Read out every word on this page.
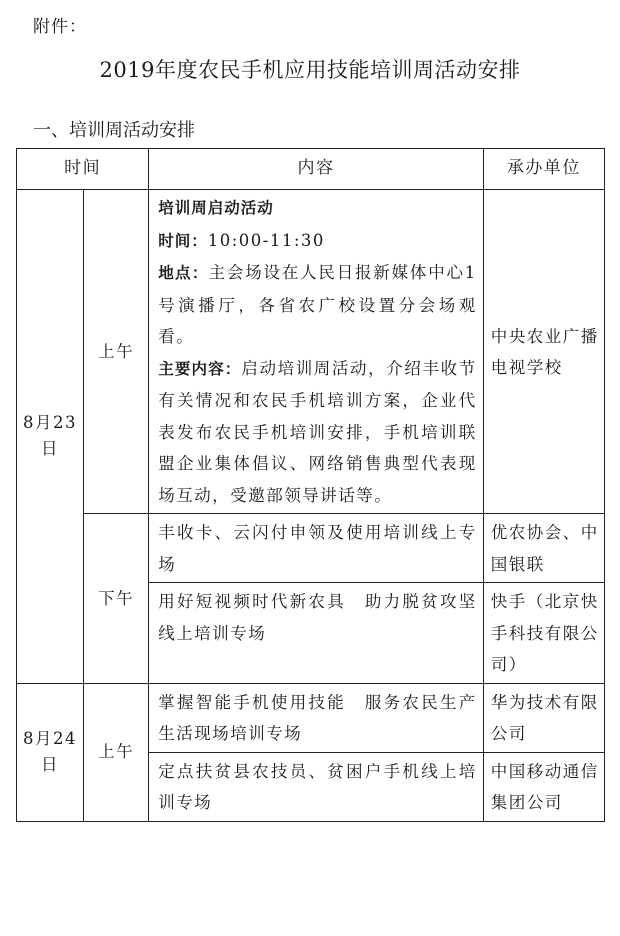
附件：
2019年度农民手机应用技能培训周活动安排
一、培训周活动安排
时间		内容	承办单位
8月23日	上午	培训周启动活动
时间：10:00-11:30
地点：主会场设在人民日报新媒体中心1号演播厅，各省农广校设置分会场观看。
主要内容：启动培训周活动，介绍丰收节有关情况和农民手机培训方案，企业代表发布农民手机培训安排，手机培训联盟企业集体倡议、网络销售典型代表现场互动，受邀部领导讲话等。	中央农业广播电视学校
	下午	丰收卡、云闪付申领及使用培训线上专场	优农协会、中国银联
		用好短视频时代新农具　助力脱贫攻坚线上培训专场	快手（北京快手科技有限公司）
8月24日	上午	掌握智能手机使用技能　服务农民生产生活现场培训专场	华为技术有限公司
		定点扶贫县农技员、贫困户手机线上培训专场	中国移动通信集团公司
